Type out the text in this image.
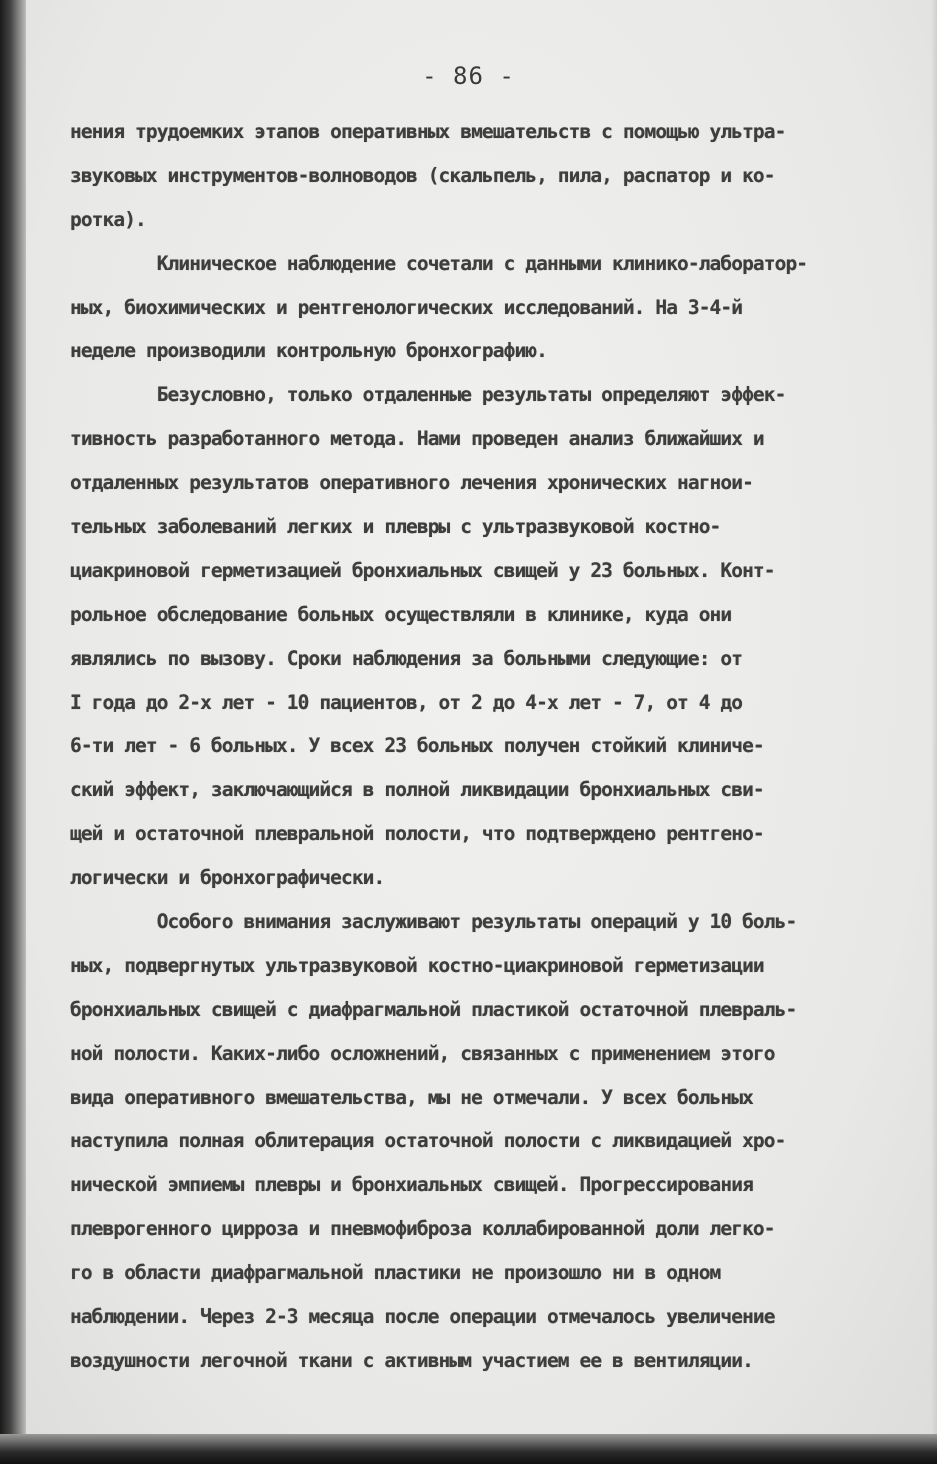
- 86 -
нения трудоемких этапов оперативных вмешательств с помощью ультра-
звуковых инструментов-волноводов (скальпель, пила, распатор и ко-
ротка).
Клиническое наблюдение сочетали с данными клинико-лаборатор-
ных, биохимических и рентгенологических исследований. На 3-4-й
неделе производили контрольную бронхографию.
Безусловно, только отдаленные результаты определяют эффек-
тивность разработанного метода. Нами проведен анализ ближайших и
отдаленных результатов оперативного лечения хронических нагнои-
тельных заболеваний легких и плевры с ультразвуковой костно-
циакриновой герметизацией бронхиальных свищей у 23 больных. Конт-
рольное обследование больных осуществляли в клинике, куда они
являлись по вызову. Сроки наблюдения за больными следующие: от
I года до 2-х лет - 10 пациентов, от 2 до 4-х лет - 7, от 4 до
6-ти лет - 6 больных. У всех 23 больных получен стойкий клиниче-
ский эффект, заключающийся в полной ликвидации бронхиальных сви-
щей и остаточной плевральной полости, что подтверждено рентгено-
логически и бронхографически.
Особого внимания заслуживают результаты операций у 10 боль-
ных, подвергнутых ультразвуковой костно-циакриновой герметизации
бронхиальных свищей с диафрагмальной пластикой остаточной плевраль-
ной полости. Каких-либо осложнений, связанных с применением этого
вида оперативного вмешательства, мы не отмечали. У всех больных
наступила полная облитерация остаточной полости с ликвидацией хро-
нической эмпиемы плевры и бронхиальных свищей. Прогрессирования
плеврогенного цирроза и пневмофиброза коллабированной доли легко-
го в области диафрагмальной пластики не произошло ни в одном
наблюдении. Через 2-3 месяца после операции отмечалось увеличение
воздушности легочной ткани с активным участием ее в вентиляции.
